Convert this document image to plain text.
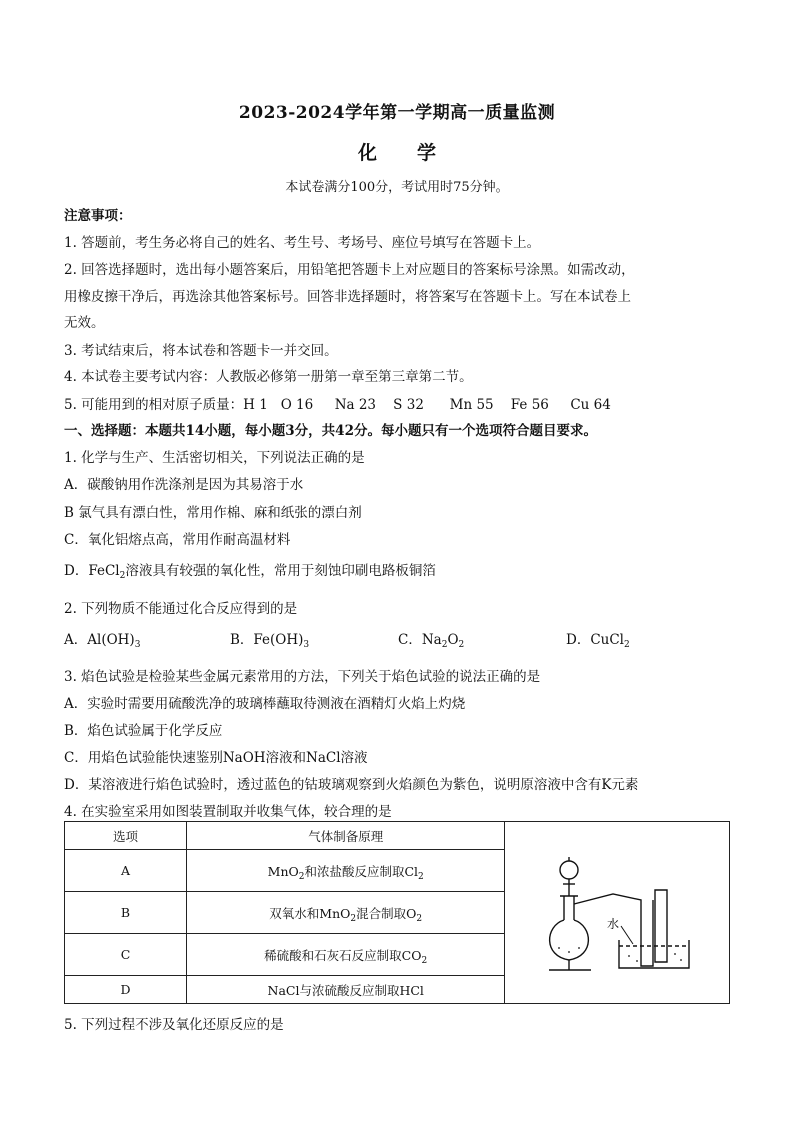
2023-2024学年第一学期高一质量监测
化学
本试卷满分100分，考试用时75分钟。
注意事项：
1. 答题前，考生务必将自己的姓名、考生号、考场号、座位号填写在答题卡上。
2. 回答选择题时，选出每小题答案后，用铅笔把答题卡上对应题目的答案标号涂黑。如需改动，
用橡皮擦干净后，再选涂其他答案标号。回答非选择题时，将答案写在答题卡上。写在本试卷上
无效。
3. 考试结束后，将本试卷和答题卡一并交回。
4. 本试卷主要考试内容：人教版必修第一册第一章至第三章第二节。
5. 可能用到的相对原子质量：H 1   O 16     Na 23    S 32      Mn 55    Fe 56     Cu 64
一、选择题：本题共14小题，每小题3分，共42分。每小题只有一个选项符合题目要求。
1. 化学与生产、生活密切相关，下列说法正确的是
A．碳酸钠用作洗涤剂是因为其易溶于水
B 氯气具有漂白性，常用作棉、麻和纸张的漂白剂
C．氧化铝熔点高，常用作耐高温材料
D．FeCl$_2$溶液具有较强的氧化性，常用于刻蚀印刷电路板铜箔
2. 下列物质不能通过化合反应得到的是
A．$Al(OH)_3$	B．$Fe(OH)_3$	C．$Na_2O_2$	D．CuCl$_2$
3. 焰色试验是检验某些金属元素常用的方法，下列关于焰色试验的说法正确的是
A．实验时需要用硫酸洗净的玻璃棒蘸取待测液在酒精灯火焰上灼烧
B．焰色试验属于化学反应
C．用焰色试验能快速鉴别NaOH溶液和NaCl溶液
D．某溶液进行焰色试验时，透过蓝色的钴玻璃观察到火焰颜色为紫色，说明原溶液中含有K元素
4. 在实验室采用如图装置制取并收集气体，较合理的是
选项	气体制备原理	水

A	MnO$_2$和浓盐酸反应制取$Cl_2$
B	双氧水和MnO$_2$混合制取$O_2$
C	稀硫酸和石灰石反应制取$CO_2$
D	NaCl与浓硫酸反应制取HCl	
5. 下列过程不涉及氧化还原反应的是
